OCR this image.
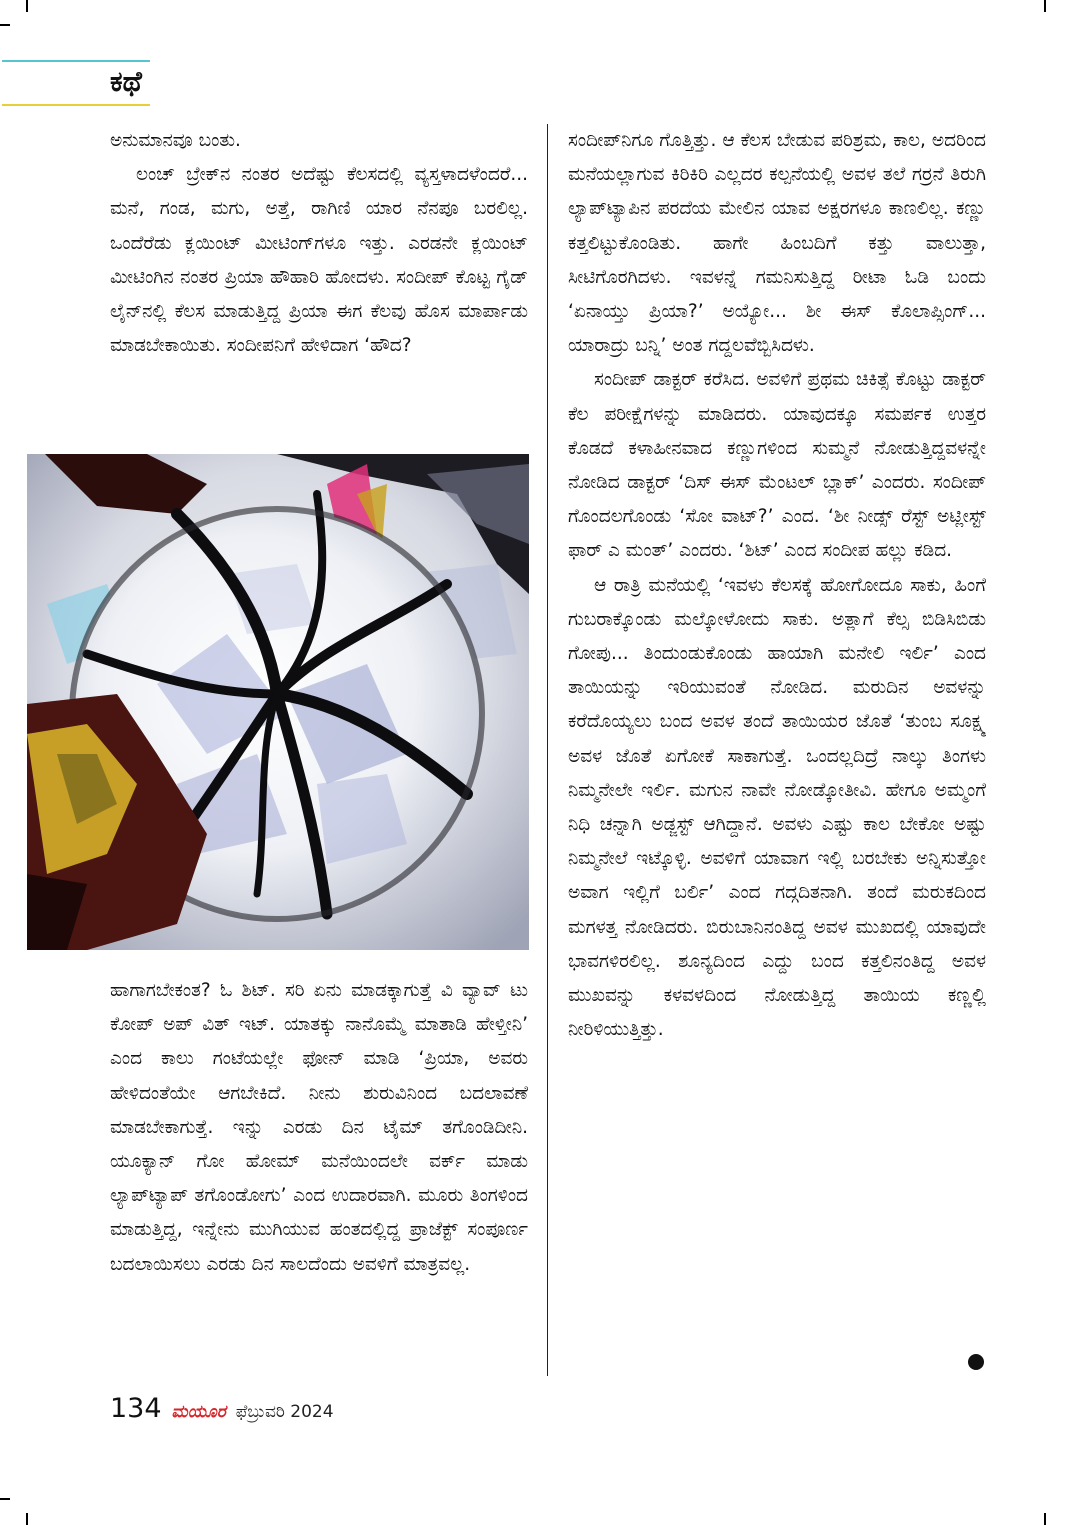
ಕಥೆ

ಅನುಮಾನವೂ ಬಂತು.

ಲಂಚ್ ಬ್ರೇಕ್‌ನ ನಂತರ ಅದೆಷ್ಟು ಕೆಲಸದಲ್ಲಿ ವ್ಯಸ್ತಳಾದಳೆಂದರೆ... ಮನೆ, ಗಂಡ, ಮಗು, ಅತ್ತೆ, ರಾಗಿಣಿ ಯಾರ ನೆನಪೂ ಬರಲಿಲ್ಲ. ಒಂದೆರೆಡು ಕ್ಲಯಿಂಟ್ ಮೀಟಿಂಗ್‌ಗಳೂ ಇತ್ತು. ಎರಡನೇ ಕ್ಲಯಿಂಟ್ ಮೀಟಿಂಗಿನ ನಂತರ ಪ್ರಿಯಾ ಹೌಹಾರಿ ಹೋದಳು. ಸಂದೀಪ್ ಕೊಟ್ಟ ಗೈಡ್ ಲೈನ್‌ನಲ್ಲಿ ಕೆಲಸ ಮಾಡುತ್ತಿದ್ದ ಪ್ರಿಯಾ ಈಗ ಕೆಲವು ಹೊಸ ಮಾರ್ಪಾಡು ಮಾಡಬೇಕಾಯಿತು. ಸಂದೀಪನಿಗೆ ಹೇಳಿದಾಗ ‘ಹೌದ?

ಹಾಗಾಗಬೇಕಂತ? ಓ ಶಿಟ್. ಸರಿ ಏನು ಮಾಡಕ್ಕಾಗುತ್ತೆ ವಿ ವ್ಯಾವ್ ಟು ಕೋಪ್ ಅಪ್ ವಿತ್ ಇಟ್. ಯಾತಕ್ಕು ನಾನೊಮ್ಮೆ ಮಾತಾಡಿ ಹೇಳ್ತೀನಿ’ ಎಂದ ಕಾಲು ಗಂಟೆಯಲ್ಲೇ ಫೋನ್ ಮಾಡಿ ‘ಪ್ರಿಯಾ, ಅವರು ಹೇಳಿದಂತೆಯೇ ಆಗಬೇಕಿದೆ. ನೀನು ಶುರುವಿನಿಂದ ಬದಲಾವಣೆ ಮಾಡಬೇಕಾಗುತ್ತೆ. ಇನ್ನು ಎರಡು ದಿನ ಟೈಮ್ ತಗೊಂಡಿದೀನಿ. ಯೂಕ್ಯಾನ್ ಗೋ ಹೋಮ್ ಮನೆಯಿಂದಲೇ ವರ್ಕ್ ಮಾಡು ಲ್ಯಾಪ್‌ಟ್ಯಾಪ್ ತಗೊಂಡೋಗು’ ಎಂದ ಉದಾರವಾಗಿ. ಮೂರು ತಿಂಗಳಿಂದ ಮಾಡುತ್ತಿದ್ದ, ಇನ್ನೇನು ಮುಗಿಯುವ ಹಂತದಲ್ಲಿದ್ದ ಪ್ರಾಜೆಕ್ಟ್ ಸಂಪೂರ್ಣ ಬದಲಾಯಿಸಲು ಎರಡು ದಿನ ಸಾಲದೆಂದು ಅವಳಿಗೆ ಮಾತ್ರವಲ್ಲ.

ಸಂದೀಪ್‌ನಿಗೂ ಗೊತ್ತಿತ್ತು. ಆ ಕೆಲಸ ಬೇಡುವ ಪರಿಶ್ರಮ, ಕಾಲ, ಅದರಿಂದ ಮನೆಯಲ್ಲಾಗುವ ಕಿರಿಕಿರಿ ಎಲ್ಲದರ ಕಲ್ಪನೆಯಲ್ಲಿ ಅವಳ ತಲೆ ಗರ್ರನೆ ತಿರುಗಿ ಲ್ಯಾಪ್‌ಟ್ಯಾಪಿನ ಪರದೆಯ ಮೇಲಿನ ಯಾವ ಅಕ್ಷರಗಳೂ ಕಾಣಲಿಲ್ಲ. ಕಣ್ಣು ಕತ್ತಲಿಟ್ಟುಕೊಂಡಿತು. ಹಾಗೇ ಹಿಂಬದಿಗೆ ಕತ್ತು ವಾಲುತ್ತಾ, ಸೀಟಿಗೊರಗಿದಳು. ಇವಳನ್ನೆ ಗಮನಿಸುತ್ತಿದ್ದ ರೀಟಾ ಓಡಿ ಬಂದು ‘ಏನಾಯ್ತು ಪ್ರಿಯಾ?’ ಅಯ್ಯೋ... ಶೀ ಈಸ್ ಕೊಲಾಪ್ಸಿಂಗ್... ಯಾರಾದ್ರು ಬನ್ನಿ’ ಅಂತ ಗದ್ದಲವೆಬ್ಬಿಸಿದಳು.

ಸಂದೀಪ್ ಡಾಕ್ಟರ್ ಕರೆಸಿದ. ಅವಳಿಗೆ ಪ್ರಥಮ ಚಿಕಿತ್ಸೆ ಕೊಟ್ಟು ಡಾಕ್ಟರ್ ಕೆಲ ಪರೀಕ್ಷೆಗಳನ್ನು ಮಾಡಿದರು. ಯಾವುದಕ್ಕೂ ಸಮರ್ಪಕ ಉತ್ತರ ಕೊಡದೆ ಕಳಾಹೀನವಾದ ಕಣ್ಣುಗಳಿಂದ ಸುಮ್ಮನೆ ನೋಡುತ್ತಿದ್ದವಳನ್ನೇ ನೋಡಿದ ಡಾಕ್ಟರ್ ‘ದಿಸ್ ಈಸ್ ಮೆಂಟಲ್ ಬ್ಲಾಕ್’ ಎಂದರು. ಸಂದೀಪ್ ಗೊಂದಲಗೊಂಡು ‘ಸೋ ವಾಟ್?’ ಎಂದ. ‘ಶೀ ನೀಡ್ಸ್ ರೆಸ್ಟ್ ಅಟ್ಲೀಸ್ಟ್ ಫಾರ್ ಎ ಮಂತ್’ ಎಂದರು. ‘ಶಿಟ್’ ಎಂದ ಸಂದೀಪ ಹಲ್ಲು ಕಡಿದ.

ಆ ರಾತ್ರಿ ಮನೆಯಲ್ಲಿ ‘ಇವಳು ಕೆಲಸಕ್ಕೆ ಹೋಗೋದೂ ಸಾಕು, ಹಿಂಗೆ ಗುಬರಾಕ್ಕೊಂಡು ಮಲ್ಕೋಳೋದು ಸಾಕು. ಅತ್ಲಾಗೆ ಕೆಲ್ಸ ಬಿಡಿಸಿಬಿಡು ಗೋಪು... ತಿಂದುಂಡುಕೊಂಡು ಹಾಯಾಗಿ ಮನೇಲಿ ಇರ್ಲಿ’ ಎಂದ ತಾಯಿಯನ್ನು ಇರಿಯುವಂತೆ ನೋಡಿದ. ಮರುದಿನ ಅವಳನ್ನು ಕರೆದೊಯ್ಯಲು ಬಂದ ಅವಳ ತಂದೆ ತಾಯಿಯರ ಜೊತೆ ‘ತುಂಬ ಸೂಕ್ಷ್ಮ ಅವಳ ಜೊತೆ ಏಗೋಕೆ ಸಾಕಾಗುತ್ತೆ. ಒಂದಲ್ಲದಿದ್ರೆ ನಾಲ್ಕು ತಿಂಗಳು ನಿಮ್ಮನೇಲೇ ಇರ್ಲಿ. ಮಗುನ ನಾವೇ ನೋಡ್ಕೋತೀವಿ. ಹೇಗೂ ಅಮ್ಮಂಗೆ ನಿಧಿ ಚನ್ನಾಗಿ ಅಡ್ಜಸ್ಟ್ ಆಗಿದ್ದಾನೆ. ಅವಳು ಎಷ್ಟು ಕಾಲ ಬೇಕೋ ಅಷ್ಟು ನಿಮ್ಮನೇಲೆ ಇಟ್ಕೊಳ್ಳಿ. ಅವಳಿಗೆ ಯಾವಾಗ ಇಲ್ಲಿ ಬರಬೇಕು ಅನ್ನಿಸುತ್ತೋ ಅವಾಗ ಇಲ್ಲಿಗೆ ಬರ್ಲಿ’ ಎಂದ ಗದ್ಗದಿತನಾಗಿ. ತಂದೆ ಮರುಕದಿಂದ ಮಗಳತ್ತ ನೋಡಿದರು. ಬಿರುಬಾನಿನಂತಿದ್ದ ಅವಳ ಮುಖದಲ್ಲಿ ಯಾವುದೇ ಭಾವಗಳಿರಲಿಲ್ಲ. ಶೂನ್ಯದಿಂದ ಎದ್ದು ಬಂದ ಕತ್ತಲಿನಂತಿದ್ದ ಅವಳ ಮುಖವನ್ನು ಕಳವಳದಿಂದ ನೋಡುತ್ತಿದ್ದ ತಾಯಿಯ ಕಣ್ಣಲ್ಲಿ ನೀರಿಳಿಯುತ್ತಿತ್ತು.

134 ಮಯೂರ ಫೆಬ್ರುವರಿ 2024
